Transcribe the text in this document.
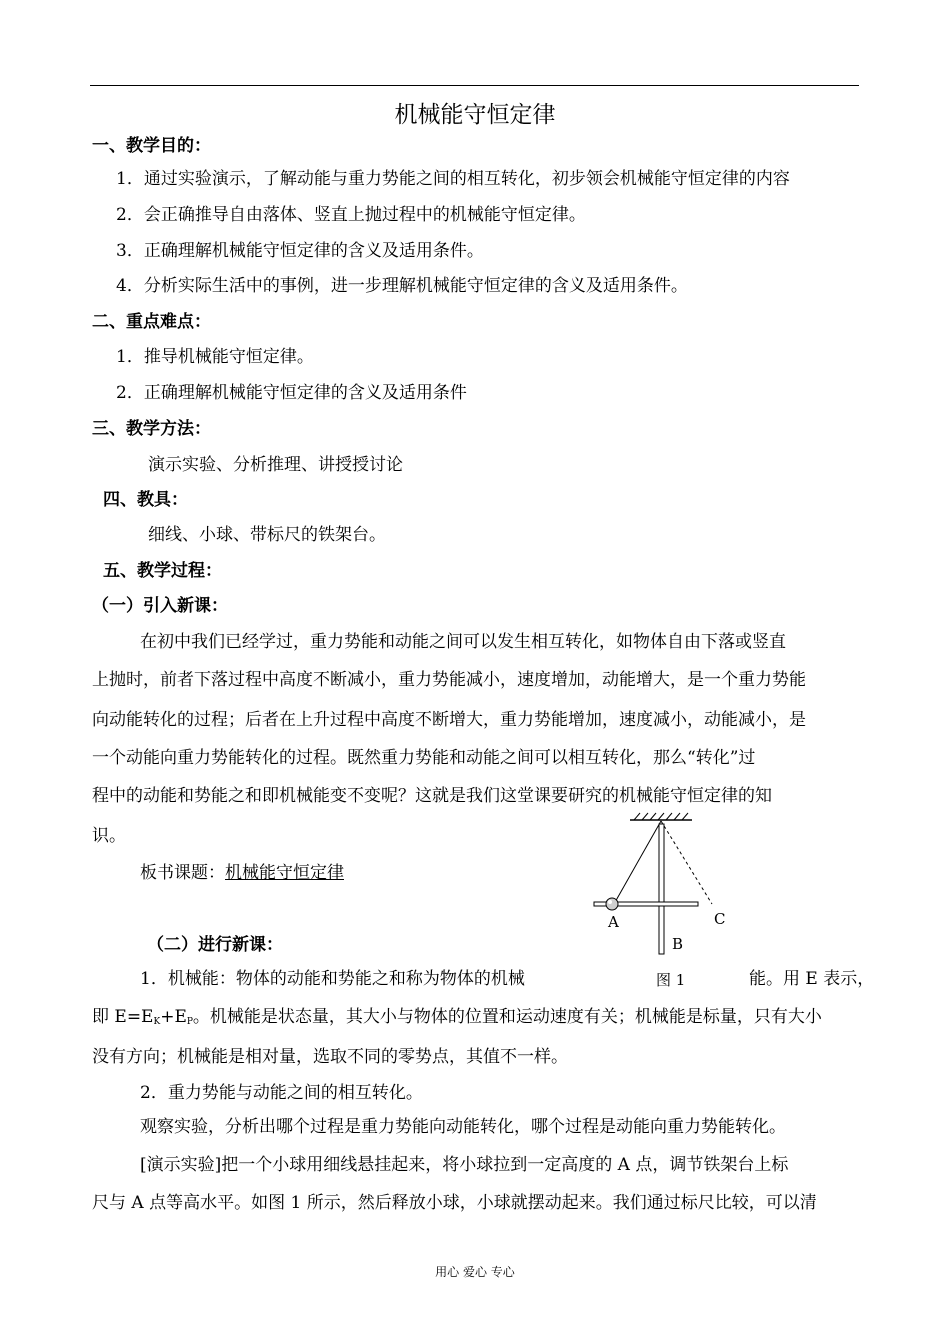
机械能守恒定律
一、教学目的：
1．通过实验演示，了解动能与重力势能之间的相互转化，初步领会机械能守恒定律的内容
2．会正确推导自由落体、竖直上抛过程中的机械能守恒定律。
3．正确理解机械能守恒定律的含义及适用条件。
4．分析实际生活中的事例，进一步理解机械能守恒定律的含义及适用条件。
二、重点难点：
1．推导机械能守恒定律。
2．正确理解机械能守恒定律的含义及适用条件
三、教学方法：
演示实验、分析推理、讲授授讨论
四、教具：
细线、小球、带标尺的铁架台。
五、教学过程：
（一）引入新课：
在初中我们已经学过，重力势能和动能之间可以发生相互转化，如物体自由下落或竖直
上抛时，前者下落过程中高度不断减小，重力势能减小，速度增加，动能增大，是一个重力势能
向动能转化的过程；后者在上升过程中高度不断增大，重力势能增加，速度减小，动能减小，是
一个动能向重力势能转化的过程。既然重力势能和动能之间可以相互转化，那么“转化”过
程中的动能和势能之和即机械能变不变呢？这就是我们这堂课要研究的机械能守恒定律的知
识。
板书课题：机械能守恒定律
（二）进行新课：
1．机械能：物体的动能和势能之和称为物体的机械	能。用 E 表示，
即 $E=E_K+E_P$。机械能是状态量，其大小与物体的位置和运动速度有关；机械能是标量，只有大小
没有方向；机械能是相对量，选取不同的零势点，其值不一样。
2．重力势能与动能之间的相互转化。
观察实验，分析出哪个过程是重力势能向动能转化，哪个过程是动能向重力势能转化。
[演示实验]把一个小球用细线悬挂起来，将小球拉到一定高度的 A 点，调节铁架台上标
尺与 A 点等高水平。如图 1 所示，然后释放小球，小球就摆动起来。我们通过标尺比较，可以清
A
B
C
图 1
用心 爱心 专心
